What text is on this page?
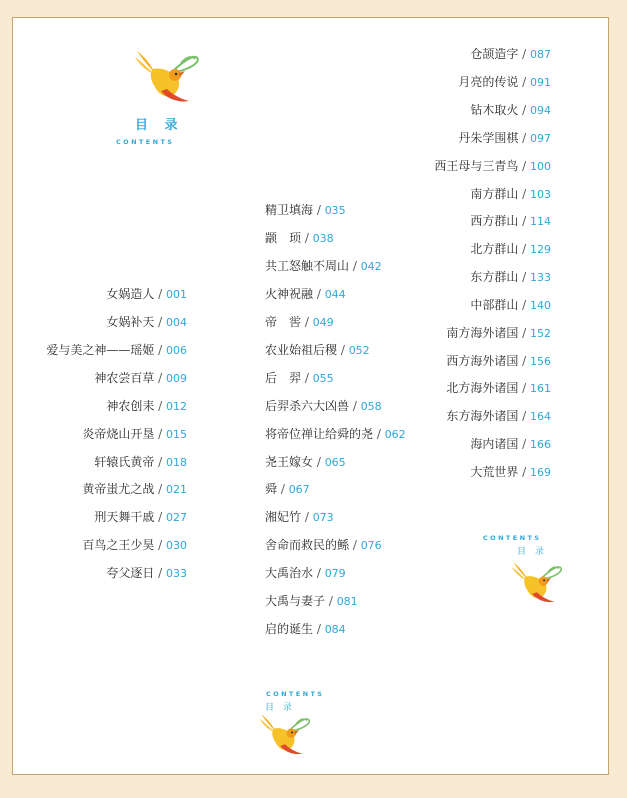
目 录
CONTENTS
女娲造人 / 001
女娲补天 / 004
爱与美之神——瑶姬 / 006
神农尝百草 / 009
神农创耒 / 012
炎帝烧山开垦 / 015
轩辕氏黄帝 / 018
黄帝蚩尤之战 / 021
刑天舞干戚 / 027
百鸟之王少昊 / 030
夸父逐日 / 033
精卫填海 / 035
颛　顼 / 038
共工怒触不周山 / 042
火神祝融 / 044
帝　喾 / 049
农业始祖后稷 / 052
后　羿 / 055
后羿杀六大凶兽 / 058
将帝位禅让给舜的尧 / 062
尧王嫁女 / 065
舜 / 067
湘妃竹 / 073
舍命而救民的鲧 / 076
大禹治水 / 079
大禹与妻子 / 081
启的诞生 / 084
仓颉造字 / 087
月亮的传说 / 091
钻木取火 / 094
丹朱学围棋 / 097
西王母与三青鸟 / 100
南方群山 / 103
西方群山 / 114
北方群山 / 129
东方群山 / 133
中部群山 / 140
南方海外诸国 / 152
西方海外诸国 / 156
北方海外诸国 / 161
东方海外诸国 / 164
海内诸国 / 166
大荒世界 / 169
CONTENTS
目 录
CONTENTS
目 录
